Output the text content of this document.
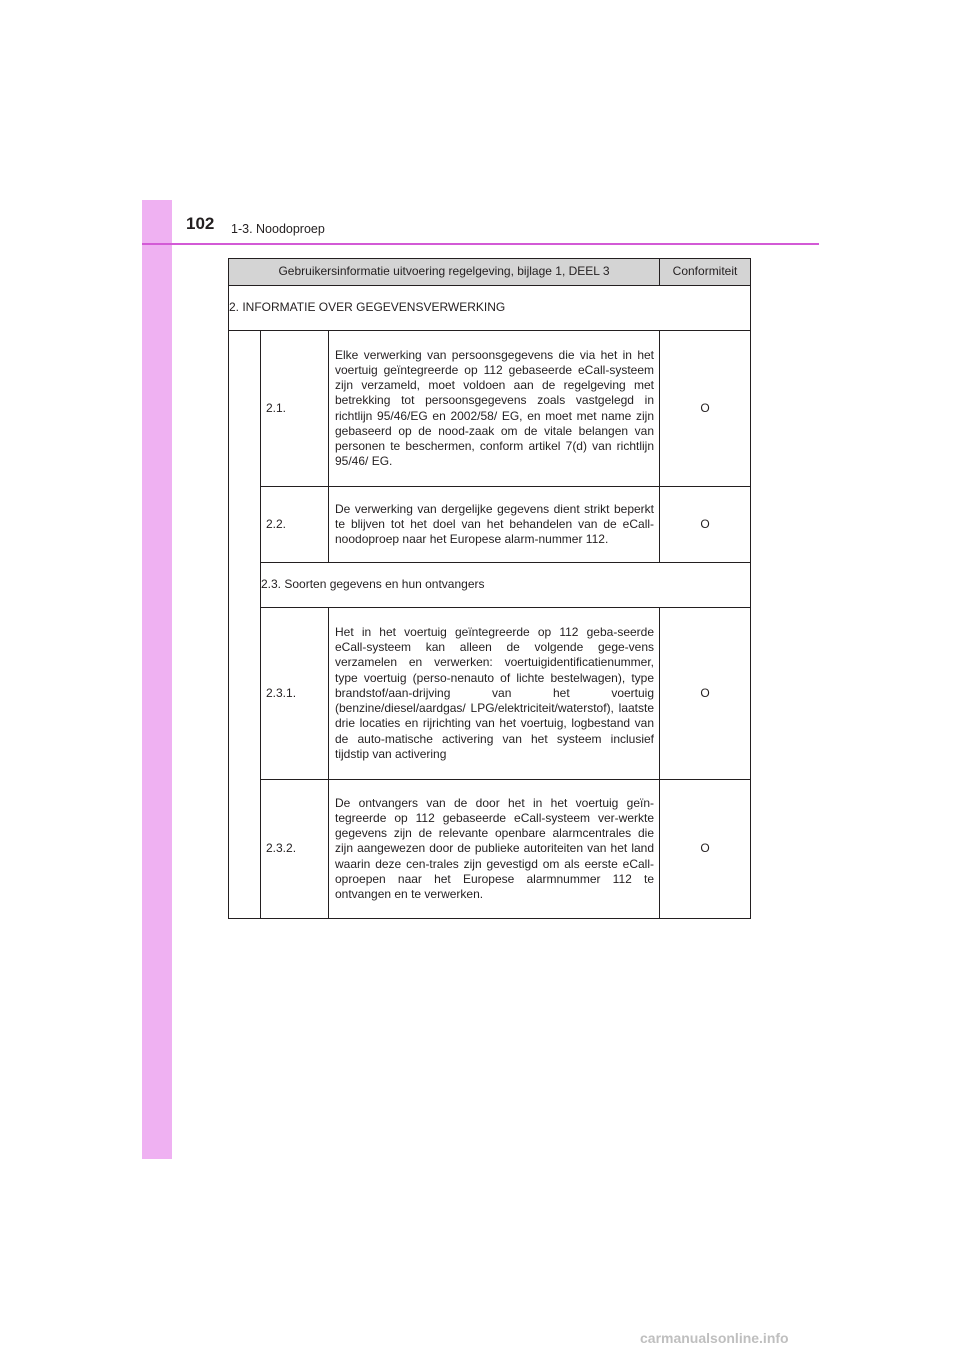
102 1-3. Noodoproep
Gebruikersinformatie uitvoering regelgeving, bijlage 1, DEEL 3			Conformiteit
2. INFORMATIE OVER GEGEVENSVERWERKING			
	2.1.	Elke verwerking van persoonsgegevens die via het in het voertuig geïntegreerde op 112 gebaseerde eCall-systeem zijn verzameld, moet voldoen aan de regelgeving met betrekking tot persoonsgegevens zoals vastgelegd in richtlijn 95/46/EG en 2002/58/ EG, en moet met name zijn gebaseerd op de nood-zaak om de vitale belangen van personen te beschermen, conform artikel 7(d) van richtlijn 95/46/ EG.	O
	2.2.	De verwerking van dergelijke gegevens dient strikt beperkt te blijven tot het doel van het behandelen van de eCall-noodoproep naar het Europese alarm-nummer 112.	O
	2.3. Soorten gegevens en hun ontvangers		
	2.3.1.	Het in het voertuig geïntegreerde op 112 geba-seerde eCall-systeem kan alleen de volgende gege-vens verzamelen en verwerken: voertuigidentificatienummer, type voertuig (perso-nenauto of lichte bestelwagen), type brandstof/aan-drijving van het voertuig (benzine/diesel/aardgas/ LPG/elektriciteit/waterstof), laatste drie locaties en rijrichting van het voertuig, logbestand van de auto-matische activering van het systeem inclusief tijdstip van activering	O
	2.3.2.	De ontvangers van de door het in het voertuig geïn-tegreerde op 112 gebaseerde eCall-systeem ver-werkte gegevens zijn de relevante openbare alarmcentrales die zijn aangewezen door de publieke autoriteiten van het land waarin deze cen-trales zijn gevestigd om als eerste eCall-oproepen naar het Europese alarmnummer 112 te ontvangen en te verwerken.	O
carmanualsonline.info
